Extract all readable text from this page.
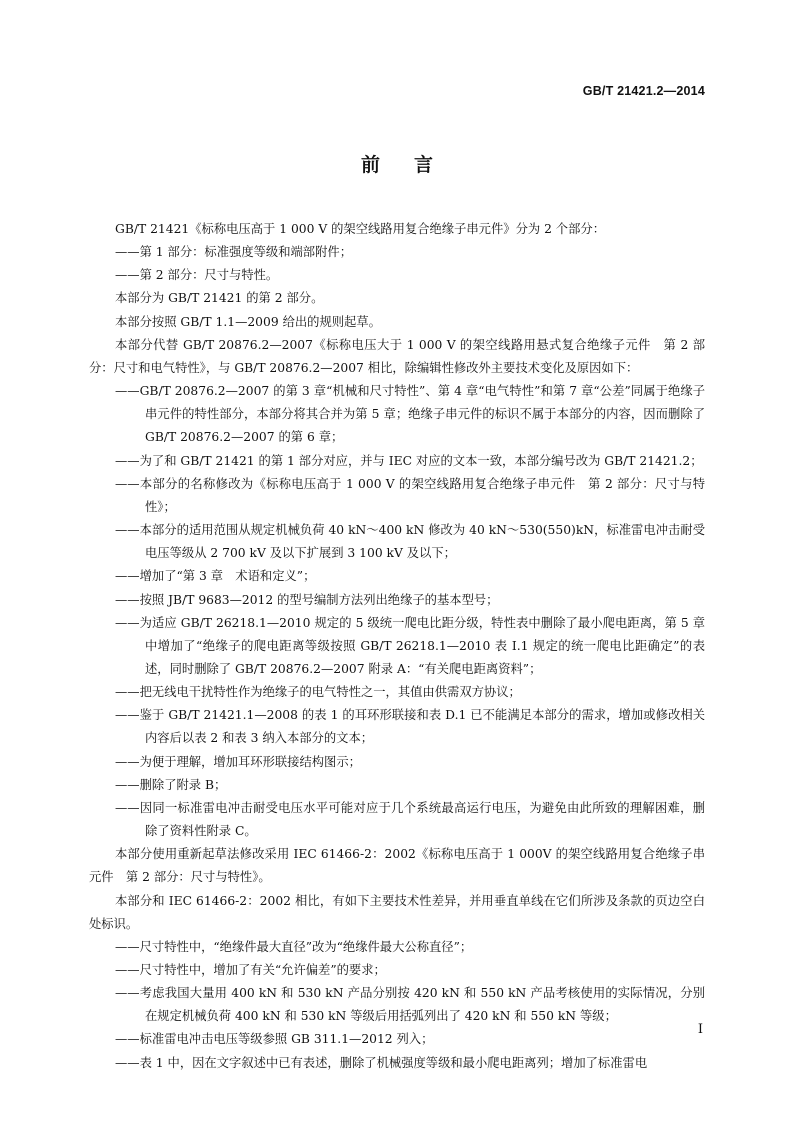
GB/T 21421.2—2014
前言

GB/T 21421《标称电压高于 1 000 V 的架空线路用复合绝缘子串元件》分为 2 个部分：

——第 1 部分：标准强度等级和端部附件；

——第 2 部分：尺寸与特性。

本部分为 GB/T 21421 的第 2 部分。

本部分按照 GB/T 1.1—2009 给出的规则起草。

本部分代替 GB/T 20876.2—2007《标称电压大于 1 000 V 的架空线路用悬式复合绝缘子元件　第 2 部分：尺寸和电气特性》，与 GB/T 20876.2—2007 相比，除编辑性修改外主要技术变化及原因如下：

——GB/T 20876.2—2007 的第 3 章“机械和尺寸特性”、第 4 章“电气特性”和第 7 章“公差”同属于绝缘子串元件的特性部分，本部分将其合并为第 5 章；绝缘子串元件的标识不属于本部分的内容，因而删除了 GB/T 20876.2—2007 的第 6 章；

——为了和 GB/T 21421 的第 1 部分对应，并与 IEC 对应的文本一致，本部分编号改为 GB/T 21421.2；

——本部分的名称修改为《标称电压高于 1 000 V 的架空线路用复合绝缘子串元件　第 2 部分：尺寸与特性》；

——本部分的适用范围从规定机械负荷 40 kN～400 kN 修改为 40 kN～530(550)kN，标准雷电冲击耐受电压等级从 2 700 kV 及以下扩展到 3 100 kV 及以下；

——增加了“第 3 章　术语和定义”；

——按照 JB/T 9683—2012 的型号编制方法列出绝缘子的基本型号；

——为适应 GB/T 26218.1—2010 规定的 5 级统一爬电比距分级，特性表中删除了最小爬电距离，第 5 章中增加了“绝缘子的爬电距离等级按照 GB/T 26218.1—2010 表 I.1 规定的统一爬电比距确定”的表述，同时删除了 GB/T 20876.2—2007 附录 A：“有关爬电距离资料”；

——把无线电干扰特性作为绝缘子的电气特性之一，其值由供需双方协议；

——鉴于 GB/T 21421.1—2008 的表 1 的耳环形联接和表 D.1 已不能满足本部分的需求，增加或修改相关内容后以表 2 和表 3 纳入本部分的文本；

——为便于理解，增加耳环形联接结构图示；

——删除了附录 B；

——因同一标准雷电冲击耐受电压水平可能对应于几个系统最高运行电压，为避免由此所致的理解困难，删除了资料性附录 C。

本部分使用重新起草法修改采用 IEC 61466-2：2002《标称电压高于 1 000V 的架空线路用复合绝缘子串元件　第 2 部分：尺寸与特性》。

本部分和 IEC 61466-2：2002 相比，有如下主要技术性差异，并用垂直单线在它们所涉及条款的页边空白处标识。

——尺寸特性中，“绝缘件最大直径”改为“绝缘件最大公称直径”；

——尺寸特性中，增加了有关“允许偏差”的要求；

——考虑我国大量用 400 kN 和 530 kN 产品分别按 420 kN 和 550 kN 产品考核使用的实际情况，分别在规定机械负荷 400 kN 和 530 kN 等级后用括弧列出了 420 kN 和 550 kN 等级；

——标准雷电冲击电压等级参照 GB 311.1—2012 列入；

——表 1 中，因在文字叙述中已有表述，删除了机械强度等级和最小爬电距离列；增加了标准雷电

I
